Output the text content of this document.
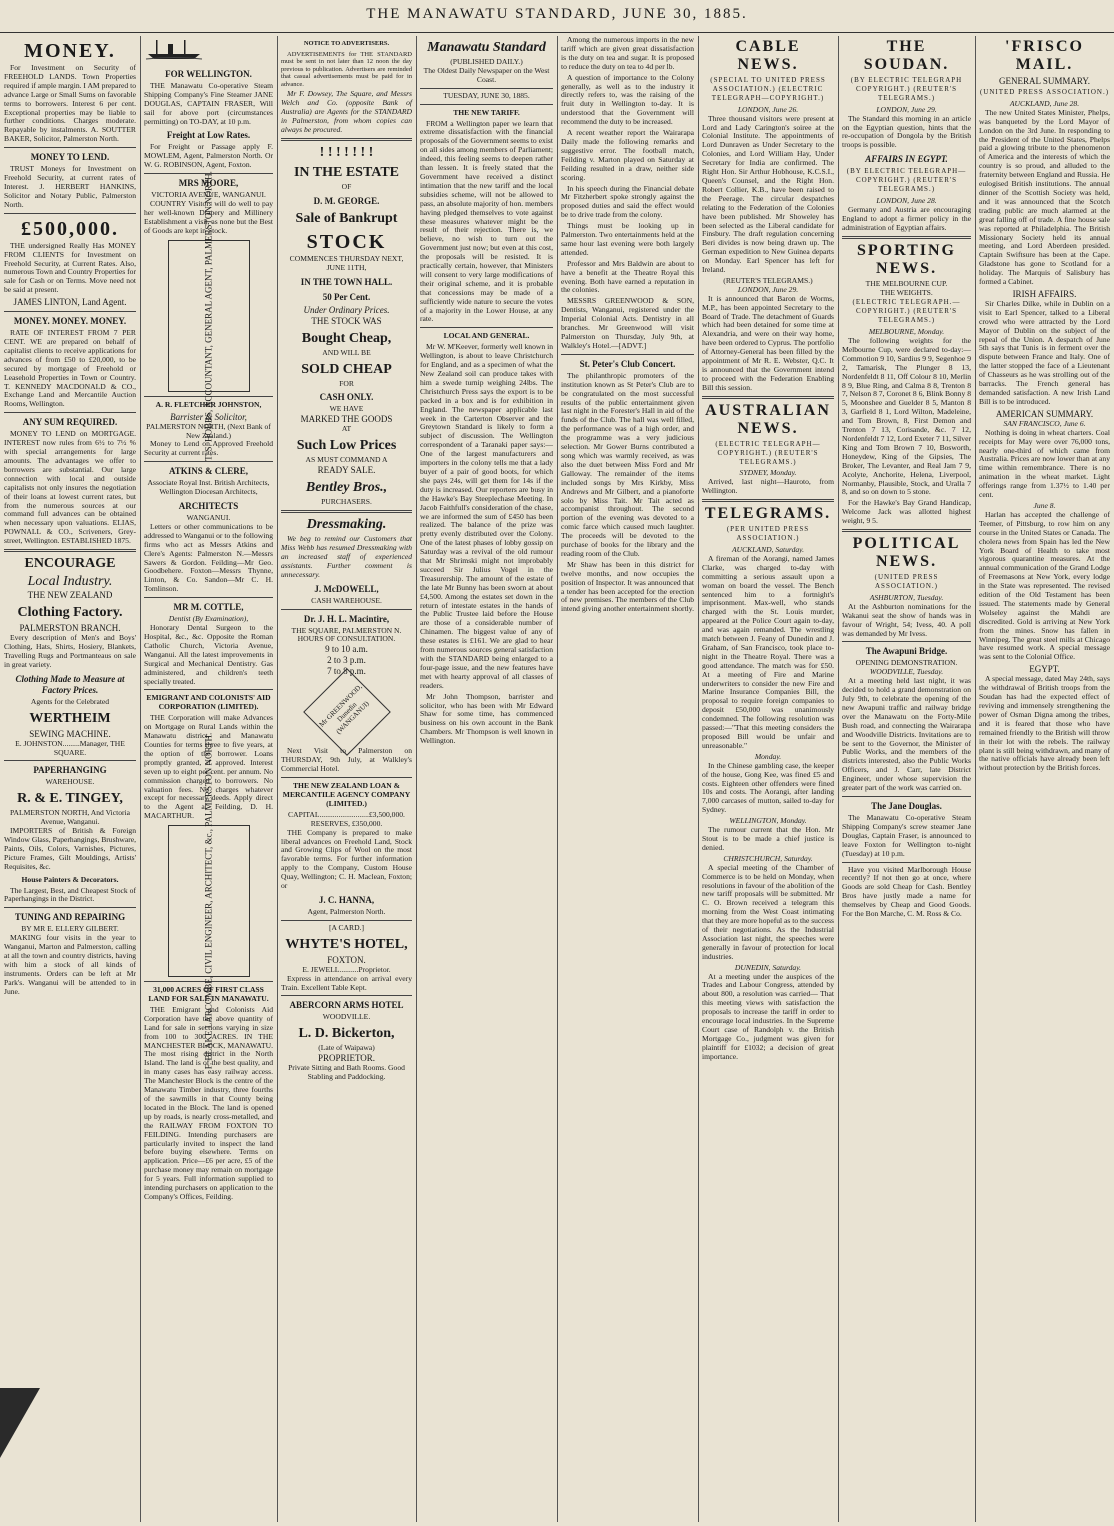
THE MANAWATU STANDARD, JUNE 30, 1885.
MONEY.

For Investment on Security of FREEHOLD LANDS. Town Properties required if ample margin. I AM prepared to advance Large or Small Sums on favorable terms to borrowers. Interest 6 per cent. Exceptional properties may be liable to further conditions. Charges moderate. Repayable by instalments. A. SOUTTER BAKER, Solicitor, Palmerston North.

MONEY TO LEND.

TRUST Moneys for Investment on Freehold Security, at current rates of Interest. J. HERBERT HANKINS, Solicitor and Notary Public, Palmerston North.

£500,000.

THE undersigned Really Has MONEY FROM CLIENTS for Investment on Freehold Security, at Current Rates. Also, numerous Town and Country Properties for sale for Cash or on Terms. Move need not be said at present.

JAMES LINTON, Land Agent.
MONEY. MONEY. MONEY.

RATE OF INTEREST FROM 7 PER CENT. WE are prepared on behalf of capitalist clients to receive applications for advances of from £50 to £20,000, to be secured by mortgage of Freehold or Leasehold Properties in Town or Country. T. KENNEDY MACDONALD & CO., Exchange Land and Mercantile Auction Rooms, Wellington.

ANY SUM REQUIRED.

MONEY TO LEND on MORTGAGE. INTEREST now rules from 6½ to 7½ % with special arrangements for large amounts. The advantages we offer to borrowers are substantial. Our large connection with local and outside capitalists not only insures the negotiation of their loans at lowest current rates, but from the numerous sources at our command full advances can be obtained when necessary upon valuations. ELIAS, POWNALL & CO., Scriveners, Grey-street, Wellington. ESTABLISHED 1875.

ENCOURAGE
Local Industry.
THE NEW ZEALAND
Clothing Factory.
PALMERSTON BRANCH.

Every description of Men's and Boys' Clothing, Hats, Shirts, Hosiery, Blankets, Travelling Rugs and Portmanteaus on sale in great variety.

Clothing Made to Measure at Factory Prices.
Agents for the Celebrated
WERTHEIM
SEWING MACHINE.
E. JOHNSTON.........Manager, THE SQUARE.
PAPERHANGING
WAREHOUSE.
R. & E. TINGEY,
PALMERSTON NORTH, And Victoria Avenue, Wanganui.

IMPORTERS of British & Foreign Window Glass, Paperhangings, Brushware, Paints, Oils, Colors, Varnishes, Pictures, Picture Frames, Gilt Mouldings, Artists' Requisites, &c.

House Painters & Decorators.

The Largest, Best, and Cheapest Stock of Paperhangings in the District.

TUNING AND REPAIRING
BY MR E. ELLERY GILBERT.

MAKING four visits in the year to Wanganui, Marton and Palmerston, calling at all the town and country districts, having with him a stock of all kinds of instruments. Orders can be left at Mr Park's. Wanganui will be attended to in June.

FOR WELLINGTON.

THE Manawatu Co-operative Steam Shipping Company's Fine Steamer JANE DOUGLAS, CAPTAIN FRASER, Will sail for above port (circumstances permitting) on TO-DAY, at 10 p.m.

Freight at Low Rates.

For Freight or Passage apply F. MOWLEM, Agent, Palmerston North. Or W. G. ROBINSON, Agent, Foxton.

MRS MOORE,
VICTORIA AVENUE, WANGANUI.

COUNTRY Visitors will do well to pay her well-known Drapery and Millinery Establishment a visit, as none but the Best of Goods are kept in Stock.

T. S. HOBBS, ACCOUNTANT, GENERAL AGENT, PALMERSTON NORTH.
A. R. FLETCHER JOHNSTON,
Barrister & Solicitor,
PALMERSTON NORTH, (Next Bank of New Zealand.)

Money to Lend on Approved Freehold Security at current rates.

ATKINS & CLERE,
Associate Royal Inst. British Architects, Wellington Diocesan Architects,
ARCHITECTS
WANGANUI.

Letters or other communications to be addressed to Wanganui or to the following firms who act as Messrs Atkins and Clere's Agents: Palmerston N.—Messrs Sawers & Gordon. Feilding—Mr Geo. Goodbehere. Foxton—Messrs Thynne, Linton, & Co. Sandon—Mr C. H. Tomlinson.

MR M. COTTLE,
Dentist (By Examination),

Honorary Dental Surgeon to the Hospital, &c., &c. Opposite the Roman Catholic Church, Victoria Avenue, Wanganui. All the latest improvements in Surgical and Mechanical Dentistry. Gas administered, and children's teeth specially treated.

EMIGRANT AND COLONISTS' AID CORPORATION (LIMITED).

THE Corporation will make Advances on Mortgage on Rural Lands within the Manawatu district, and Manawatu Counties for terms three to five years, at the option of the borrower. Loans promptly granted, if approved. Interest seven up to eight per cent. per annum. No commission charged to borrowers. No valuation fees. No charges whatever except for necessary deeds. Apply direct to the Agent at Feilding, D. H. MACARTHUR.	F. BLAKE LARCOMBE, CIVIL ENGINEER, ARCHITECT, &c., PALMERSTON NORTH.
31,000 ACRES OF FIRST CLASS LAND FOR SALE IN MANAWATU.

THE Emigrant and Colonists Aid Corporation have the above quantity of Land for sale in sections varying in size from 100 to 300 ACRES. IN THE MANCHESTER BLOCK, MANAWATU. The most rising district in the North Island. The land is of the best quality, and in many cases has easy railway access. The Manchester Block is the centre of the Manawatu Timber industry, three fourths of the sawmills in that County being located in the Block. The land is opened up by roads, is nearly cross-metalled, and the RAILWAY FROM FOXTON TO FEILDING. Intending purchasers are particularly invited to inspect the land before buying elsewhere. Terms on application. Price—£6 per acre, £5 of the purchase money may remain on mortgage for 5 years. Full information supplied to intending purchasers on application to the Company's Offices, Feilding.

NOTICE TO ADVERTISERS.

ADVERTISEMENTS for THE STANDARD must be sent in not later than 12 noon the day previous to publication. Advertisers are reminded that casual advertisements must be paid for in advance.

Mr F. Dowsey, The Square, and Messrs Welch and Co. (opposite Bank of Australia) are Agents for the STANDARD in Palmerston, from whom copies can always be procured.

! ! ! ! ! ! !
IN THE ESTATE
OF
D. M. GEORGE.
Sale of Bankrupt
STOCK
COMMENCES THURSDAY NEXT, JUNE 11TH,
IN THE TOWN HALL.
50 Per Cent.
Under Ordinary Prices.
THE STOCK WAS
Bought Cheap,
AND WILL BE
SOLD CHEAP
FOR
CASH ONLY.
WE HAVE
MARKED THE GOODS
AT
Such Low Prices
AS MUST COMMAND A
READY SALE.
Bentley Bros.,
PURCHASERS.
Dressmaking.

We beg to remind our Customers that Miss Webb has resumed Dressmaking with an increased staff of experienced assistants. Further comment is unnecessary.

J. McDOWELL,
CASH WAREHOUSE.
Dr. J. H. L. Macintire,
THE SQUARE, PALMERSTON N.
HOURS OF CONSULTATION.
9 to 10 a.m.
2 to 3 p.m.
7 to 8 p.m.
Mr GREENWOOD, Dunedin (WANGANUI)

Next Visit to Palmerston on THURSDAY, 9th July, at Walkley's Commercial Hotel.

THE NEW ZEALAND LOAN & MERCANTILE AGENCY COMPANY (LIMITED.)
CAPITAL..........................£3,500,000.
RESERVES, £350,000.

THE Company is prepared to make liberal advances on Freehold Land, Stock and Growing Clips of Wool on the most favorable terms. For further information apply to the Company, Custom House Quay, Wellington; C. H. Maclean, Foxton; or

J. C. HANNA,
Agent, Palmerston North.
[A CARD.]
WHYTE'S HOTEL,
FOXTON.
E. JEWELL..........Proprietor.

Express in attendance on arrival every Train. Excellent Table Kept.

ABERCORN ARMS HOTEL
WOODVILLE.
L. D. Bickerton,
(Late of Waipawa)
PROPRIETOR.
Private Sitting and Bath Rooms. Good Stabling and Paddocking.
Manawatu Standard
(PUBLISHED DAILY.)
The Oldest Daily Newspaper on the West Coast.
TUESDAY, JUNE 30, 1885.
THE NEW TARIFF.

FROM a Wellington paper we learn that extreme dissatisfaction with the financial proposals of the Government seems to exist on all sides among members of Parliament; indeed, this feeling seems to deepen rather than lessen. It is freely stated that the Government have received a distinct intimation that the new tariff and the local subsidies scheme, will not be allowed to pass, an absolute majority of hon. members having pledged themselves to vote against these measures whatever might be the result of their rejection. There is, we believe, no wish to turn out the Government just now; but even at this cost, the proposals will be resisted. It is practically certain, however, that Ministers will consent to very large modifications of their original scheme, and it is probable that concessions may be made of a sufficiently wide nature to secure the votes of a majority in the Lower House, at any rate.

LOCAL AND GENERAL.

Mr W. M'Keever, formerly well known in Wellington, is about to leave Christchurch for England, and as a specimen of what the New Zealand soil can produce takes with him a swede turnip weighing 24lbs. The Christchurch Press says the export is to be packed in a box and is for exhibition in England. The newspaper applicable last week in the Carterton Observer and the Greytown Standard is likely to form a subject of discussion. The Wellington correspondent of a Taranaki paper says:—One of the largest manufacturers and importers in the colony tells me that a lady buyer of a pair of good boots, for which she pays 24s, will get them for 14s if the duty is increased. Our reporters are busy in the Hawke's Bay Steeplechase Meeting. In Jacob Faithfull's consideration of the chase, we are informed the sum of £450 has been realized. The balance of the prize was pretty evenly distributed over the Colony. One of the latest phases of lobby gossip on Saturday was a revival of the old rumour that Mr Shrimski might not improbably succeed Sir Julius Vogel in the Treasurership. The amount of the estate of the late Mr Bunny has been sworn at about £4,500. Among the estates set down in the return of intestate estates in the hands of the Public Trustee laid before the House are those of a considerable number of Chinamen. The biggest value of any of these estates is £161. We are glad to hear from numerous sources general satisfaction with the STANDARD being enlarged to a four-page issue, and the new features have met with hearty approval of all classes of readers.

Mr John Thompson, barrister and solicitor, who has been with Mr Edward Shaw for some time, has commenced business on his own account in the Bank Chambers. Mr Thompson is well known in Wellington.

Among the numerous imports in the new tariff which are given great dissatisfaction is the duty on tea and sugar. It is proposed to reduce the duty on tea to 4d per lb.

A question of importance to the Colony generally, as well as to the industry it directly refers to, was the raising of the fruit duty in Wellington to-day. It is understood that the Government will recommend the duty to be increased.

A recent weather report the Wairarapa Daily made the following remarks and suggestive error. The football match, Feilding v. Marton played on Saturday at Feilding resulted in a draw, neither side scoring.

In his speech during the Financial debate Mr Fitzherbert spoke strongly against the proposed duties and said the effect would be to drive trade from the colony.

Things must be looking up in Palmerston. Two entertainments held at the same hour last evening were both largely attended.

Professor and Mrs Baldwin are about to have a benefit at the Theatre Royal this evening. Both have earned a reputation in the colonies.

MESSRS GREENWOOD & SON, Dentists, Wanganui, registered under the Imperial Colonial Acts. Dentistry in all branches. Mr Greenwood will visit Palmerston on Thursday, July 9th, at Walkley's Hotel.—[ADVT.]

St. Peter's Club Concert.

The philanthropic promoters of the institution known as St Peter's Club are to be congratulated on the most successful results of the public entertainment given last night in the Forester's Hall in aid of the funds of the Club. The hall was well filled, the performance was of a high order, and the programme was a very judicious selection. Mr Gower Burns contributed a song which was warmly received, as was also the duet between Miss Ford and Mr Galloway. The remainder of the items included songs by Mrs Kirkby, Miss Andrews and Mr Gilbert, and a pianoforte solo by Miss Tait. Mr Tait acted as accompanist throughout. The second portion of the evening was devoted to a comic farce which caused much laughter. The proceeds will be devoted to the purchase of books for the library and the reading room of the Club.

Mr Shaw has been in this district for twelve months, and now occupies the position of Inspector. It was announced that a tender has been accepted for the erection of new premises. The members of the Club intend giving another entertainment shortly.

CABLE NEWS.
(SPECIAL TO UNITED PRESS ASSOCIATION.) (ELECTRIC TELEGRAPH—COPYRIGHT.)
LONDON, June 26.

Three thousand visitors were present at Lord and Lady Carington's soiree at the Colonial Institute. The appointments of Lord Dunraven as Under Secretary to the Colonies, and Lord William Hay, Under Secretary for India are confirmed. The Right Hon. Sir Arthur Hobhouse, K.C.S.I., Queen's Counsel, and the Right Hon. Robert Collier, K.B., have been raised to the Peerage. The circular despatches relating to the Federation of the Colonies have been published. Mr Showeley has been selected as the Liberal candidate for Finsbury. The draft regulation concerning Beri divides is now being drawn up. The German expedition to New Guinea departs on Monday. Earl Spencer has left for Ireland.

(REUTER'S TELEGRAMS.)
LONDON, June 29.

It is announced that Baron de Worms, M.P., has been appointed Secretary to the Board of Trade. The detachment of Guards which had been detained for some time at Alexandria, and were on their way home, have been ordered to Cyprus. The portfolio of Attorney-General has been filled by the appointment of Mr R. E. Webster, Q.C. It is announced that the Government intend to proceed with the Federation Enabling Bill this session.

AUSTRALIAN NEWS.
(ELECTRIC TELEGRAPH—COPYRIGHT.) (REUTER'S TELEGRAMS.)
SYDNEY, Monday.

Arrived, last night—Hauroto, from Wellington.

TELEGRAMS.
(PER UNITED PRESS ASSOCIATION.)
AUCKLAND, Saturday.

A fireman of the Aorangi, named James Clarke, was charged to-day with committing a serious assault upon a woman on board the vessel. The Bench sentenced him to a fortnight's imprisonment. Max-well, who stands charged with the St. Louis murder, appeared at the Police Court again to-day, and was again remanded. The wrestling match between J. Feany of Dunedin and J. Graham, of San Francisco, took place to-night in the Theatre Royal. There was a good attendance. The match was for £50. At a meeting of Fire and Marine underwriters to consider the new Fire and Marine Insurance Companies Bill, the proposal to require foreign companies to deposit £50,000 was unanimously condemned. The following resolution was passed:—"That this meeting considers the proposed Bill would be unfair and unreasonable."

Monday.

In the Chinese gambling case, the keeper of the house, Gong Kee, was fined £5 and costs. Eighteen other offenders were fined 10s and costs. The Aorangi, after landing 7,000 carcases of mutton, sailed to-day for Sydney.

WELLINGTON, Monday.

The rumour current that the Hon. Mr Stout is to be made a chief justice is denied.

CHRISTCHURCH, Saturday.

A special meeting of the Chamber of Commerce is to be held on Monday, when resolutions in favour of the abolition of the new tariff proposals will be submitted. Mr C. O. Brown received a telegram this morning from the West Coast intimating that they are more hopeful as to the success of their negotiations. As the Industrial Association last night, the speeches were generally in favour of protection for local industries.

DUNEDIN, Saturday.

At a meeting under the auspices of the Trades and Labour Congress, attended by about 800, a resolution was carried— That this meeting views with satisfaction the proposals to increase the tariff in order to encourage local industries. In the Supreme Court case of Randolph v. the British Mortgage Co., judgment was given for plaintiff for £1032; a decision of great importance.

THE SOUDAN.
(BY ELECTRIC TELEGRAPH COPYRIGHT.) (REUTER'S TELEGRAMS.)
LONDON, June 29.

The Standard this morning in an article on the Egyptian question, hints that the re-occupation of Dongola by the British troops is possible.

AFFAIRS IN EGYPT.
(BY ELECTRIC TELEGRAPH—COPYRIGHT.) (REUTER'S TELEGRAMS.)
LONDON, June 28.

Germany and Austria are encouraging England to adopt a firmer policy in the administration of Egyptian affairs.

SPORTING NEWS.
THE MELBOURNE CUP.
THE WEIGHTS.
(ELECTRIC TELEGRAPH.—COPYRIGHT.) (REUTER'S TELEGRAMS.)
MELBOURNE, Monday.

The following weights for the Melbourne Cup, were declared to-day:—Commotion 9 10, Sardius 9 9, Segenhoe 9 2, Tamarisk, The Plunger 8 13, Nordenfeldt 8 11, Off Colour 8 10, Merlin 8 9, Blue Ring, and Calma 8 8, Trenton 8 7, Nelson 8 7, Coronet 8 6, Blink Bonny 8 5, Moonshee and Guelder 8 5, Manton 8 3, Garfield 8 1, Lord Wilton, Madeleine, and Tom Brown, 8, First Demon and Trenton 7 13, Corisande, &c. 7 12, Nordenfeldt 7 12, Lord Exeter 7 11, Silver King and Tom Brown 7 10, Bosworth, Honeydew, King of the Gipsies, The Broker, The Levanter, and Real Jam 7 9, Acolyte, Anchorite, Helena, Liverpool, Normanby, Plausible, Stock, and Uralla 7 8, and so on down to 5 stone.

For the Hawke's Bay Grand Handicap, Welcome Jack was allotted highest weight, 9 5.

POLITICAL NEWS.
(UNITED PRESS ASSOCIATION.)
ASHBURTON, Tuesday.

At the Ashburton nominations for the Wakanui seat the show of hands was in favour of Wright, 54; Ivess, 40. A poll was demanded by Mr Ivess.

The Awapuni Bridge.
OPENING DEMONSTRATION.
WOODVILLE, Tuesday.

At a meeting held last night, it was decided to hold a grand demonstration on July 9th, to celebrate the opening of the new Awapuni traffic and railway bridge over the Manawatu on the Forty-Mile Bush road, and connecting the Wairarapa and Woodville Districts. Invitations are to be sent to the Governor, the Minister of Public Works, and the members of the districts interested, also the Public Works Officers, and J. Carr, late District Engineer, under whose supervision the greater part of the work was carried on.

The Jane Douglas.

The Manawatu Co-operative Steam Shipping Company's screw steamer Jane Douglas, Captain Fraser, is announced to leave Foxton for Wellington to-night (Tuesday) at 10 p.m.

Have you visited Marlborough House recently? If not then go at once, where Goods are sold Cheap for Cash. Bentley Bros have justly made a name for themselves by Cheap and Good Goods. For the Bon Marche, C. M. Ross & Co.

'FRISCO MAIL.
GENERAL SUMMARY.
(UNITED PRESS ASSOCIATION.)
AUCKLAND, June 28.

The new United States Minister, Phelps, was banqueted by the Lord Mayor of London on the 3rd June. In responding to the President of the United States, Phelps paid a glowing tribute to the phenomenon of America and the interests of which the country is so proud, and alluded to the fraternity between England and Russia. He eulogised British institutions. The annual dinner of the Scottish Society was held, and it was announced that the Scotch trading public are much alarmed at the great falling off of trade. A fine house sale was reported at Philadelphia. The British Missionary Society held its annual meeting, and Lord Aberdeen presided. Captain Swiftsure has been at the Cape. Gladstone has gone to Scotland for a holiday. The Marquis of Salisbury has formed a Cabinet.

IRISH AFFAIRS.

Sir Charles Dilke, while in Dublin on a visit to Earl Spencer, talked to a Liberal crowd who were attracted by the Lord Mayor of Dublin on the subject of the repeal of the Union. A despatch of June 5th says that Tunis is in ferment over the dispute between France and Italy. One of the latter stopped the face of a Lieutenant of Chasseurs as he was strolling out of the barracks. The French general has demanded satisfaction. A new Irish Land Bill is to be introduced.

AMERICAN SUMMARY.
SAN FRANCISCO, June 6.

Nothing is doing in wheat charters. Coal receipts for May were over 76,000 tons, nearly one-third of which came from Australia. Prices are now lower than at any time within remembrance. There is no animation in the wheat market. Light offerings range from 1.37½ to 1.40 per cent.

June 8.

Harlan has accepted the challenge of Teemer, of Pittsburg, to row him on any course in the United States or Canada. The cholera news from Spain has led the New York Board of Health to take most vigorous quarantine measures. At the annual communication of the Grand Lodge of Freemasons at New York, every lodge in the State was represented. The revised edition of the Old Testament has been issued. The statements made by General Wolseley against the Mahdi are discredited. Gold is arriving at New York from the mines. Snow has fallen in Winnipeg. The great steel mills at Chicago have resumed work. A special message was sent to the Colonial Office.

EGYPT.

A special message, dated May 24th, says the withdrawal of British troops from the Soudan has had the expected effect of reviving and immensely strengthening the power of Osman Digna among the tribes, and it is feared that those who have remained friendly to the British will throw in their lot with the rebels. The railway plant is still being withdrawn, and many of the native officials have already been left without protection by the British forces.
